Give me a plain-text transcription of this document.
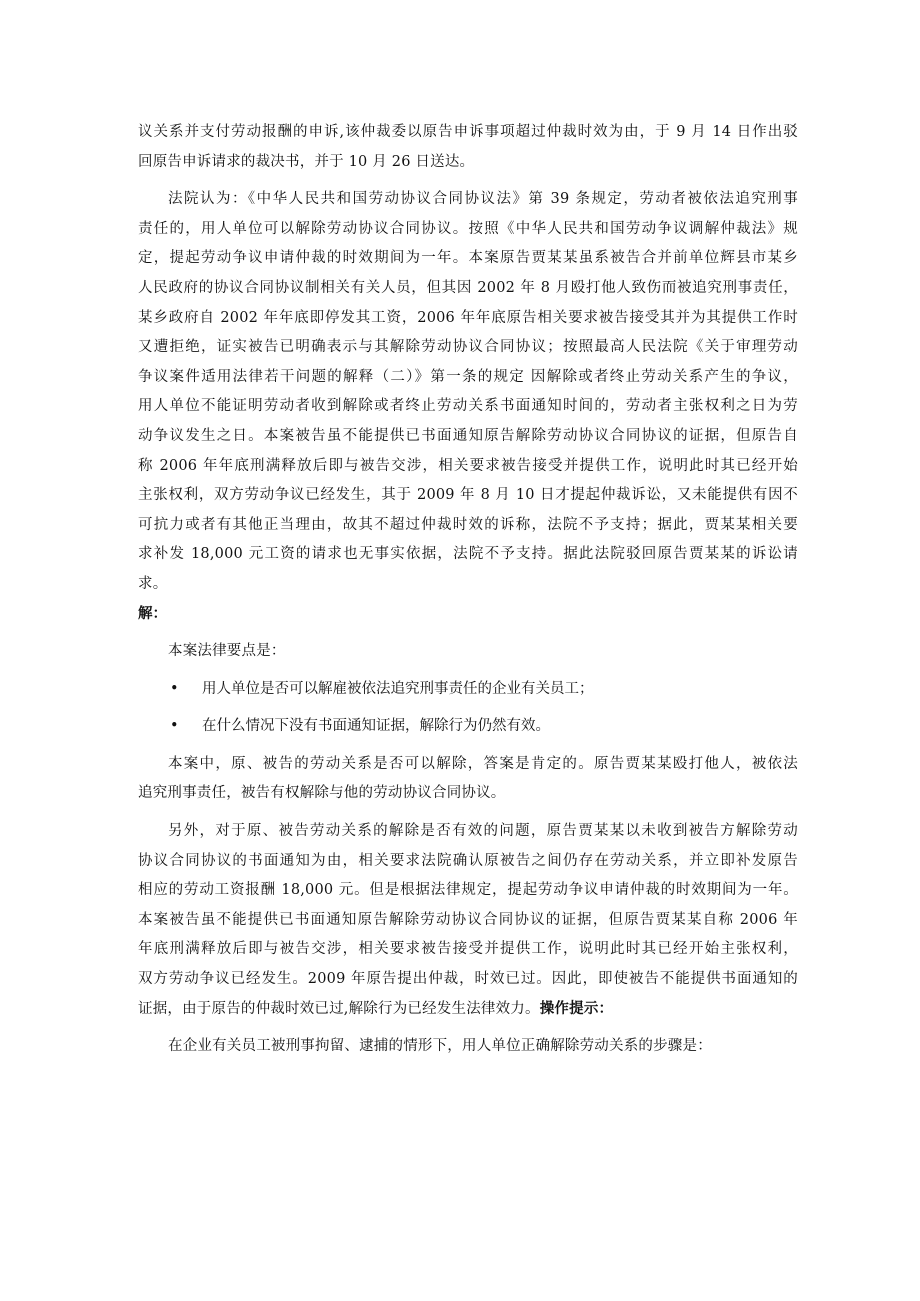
议关系并支付劳动报酬的申诉,该仲裁委以原告申诉事项超过仲裁时效为由，于 9 月 14 日作出驳
回原告申诉请求的裁决书，并于 10 月 26 日送达。
法院认为：《中华人民共和国劳动协议合同协议法》第 39 条规定，劳动者被依法追究刑事
责任的，用人单位可以解除劳动协议合同协议。按照《中华人民共和国劳动争议调解仲裁法》规
定，提起劳动争议申请仲裁的时效期间为一年。本案原告贾某某虽系被告合并前单位辉县市某乡
人民政府的协议合同协议制相关有关人员，但其因 2002 年 8 月殴打他人致伤而被追究刑事责任，
某乡政府自 2002 年年底即停发其工资，2006 年年底原告相关要求被告接受其并为其提供工作时
又遭拒绝，证实被告已明确表示与其解除劳动协议合同协议；按照最高人民法院《关于审理劳动
争议案件适用法律若干问题的解释（二）》第一条的规定 因解除或者终止劳动关系产生的争议，
用人单位不能证明劳动者收到解除或者终止劳动关系书面通知时间的，劳动者主张权利之日为劳
动争议发生之日。本案被告虽不能提供已书面通知原告解除劳动协议合同协议的证据，但原告自
称 2006 年年底刑满释放后即与被告交涉，相关要求被告接受并提供工作，说明此时其已经开始
主张权利，双方劳动争议已经发生，其于 2009 年 8 月 10 日才提起仲裁诉讼，又未能提供有因不
可抗力或者有其他正当理由，故其不超过仲裁时效的诉称，法院不予支持；据此，贾某某相关要
求补发 18,000 元工资的请求也无事实依据，法院不予支持。据此法院驳回原告贾某某的诉讼请
求。
解：
本案法律要点是：
• 用人单位是否可以解雇被依法追究刑事责任的企业有关员工；
• 在什么情况下没有书面通知证据，解除行为仍然有效。
本案中，原、被告的劳动关系是否可以解除，答案是肯定的。原告贾某某殴打他人，被依法
追究刑事责任，被告有权解除与他的劳动协议合同协议。
另外，对于原、被告劳动关系的解除是否有效的问题，原告贾某某以未收到被告方解除劳动
协议合同协议的书面通知为由，相关要求法院确认原被告之间仍存在劳动关系，并立即补发原告
相应的劳动工资报酬 18,000 元。但是根据法律规定，提起劳动争议申请仲裁的时效期间为一年。
本案被告虽不能提供已书面通知原告解除劳动协议合同协议的证据，但原告贾某某自称 2006 年
年底刑满释放后即与被告交涉，相关要求被告接受并提供工作，说明此时其已经开始主张权利，
双方劳动争议已经发生。2009 年原告提出仲裁，时效已过。因此，即使被告不能提供书面通知的
证据，由于原告的仲裁时效已过,解除行为已经发生法律效力。操作提示：
在企业有关员工被刑事拘留、逮捕的情形下，用人单位正确解除劳动关系的步骤是：
